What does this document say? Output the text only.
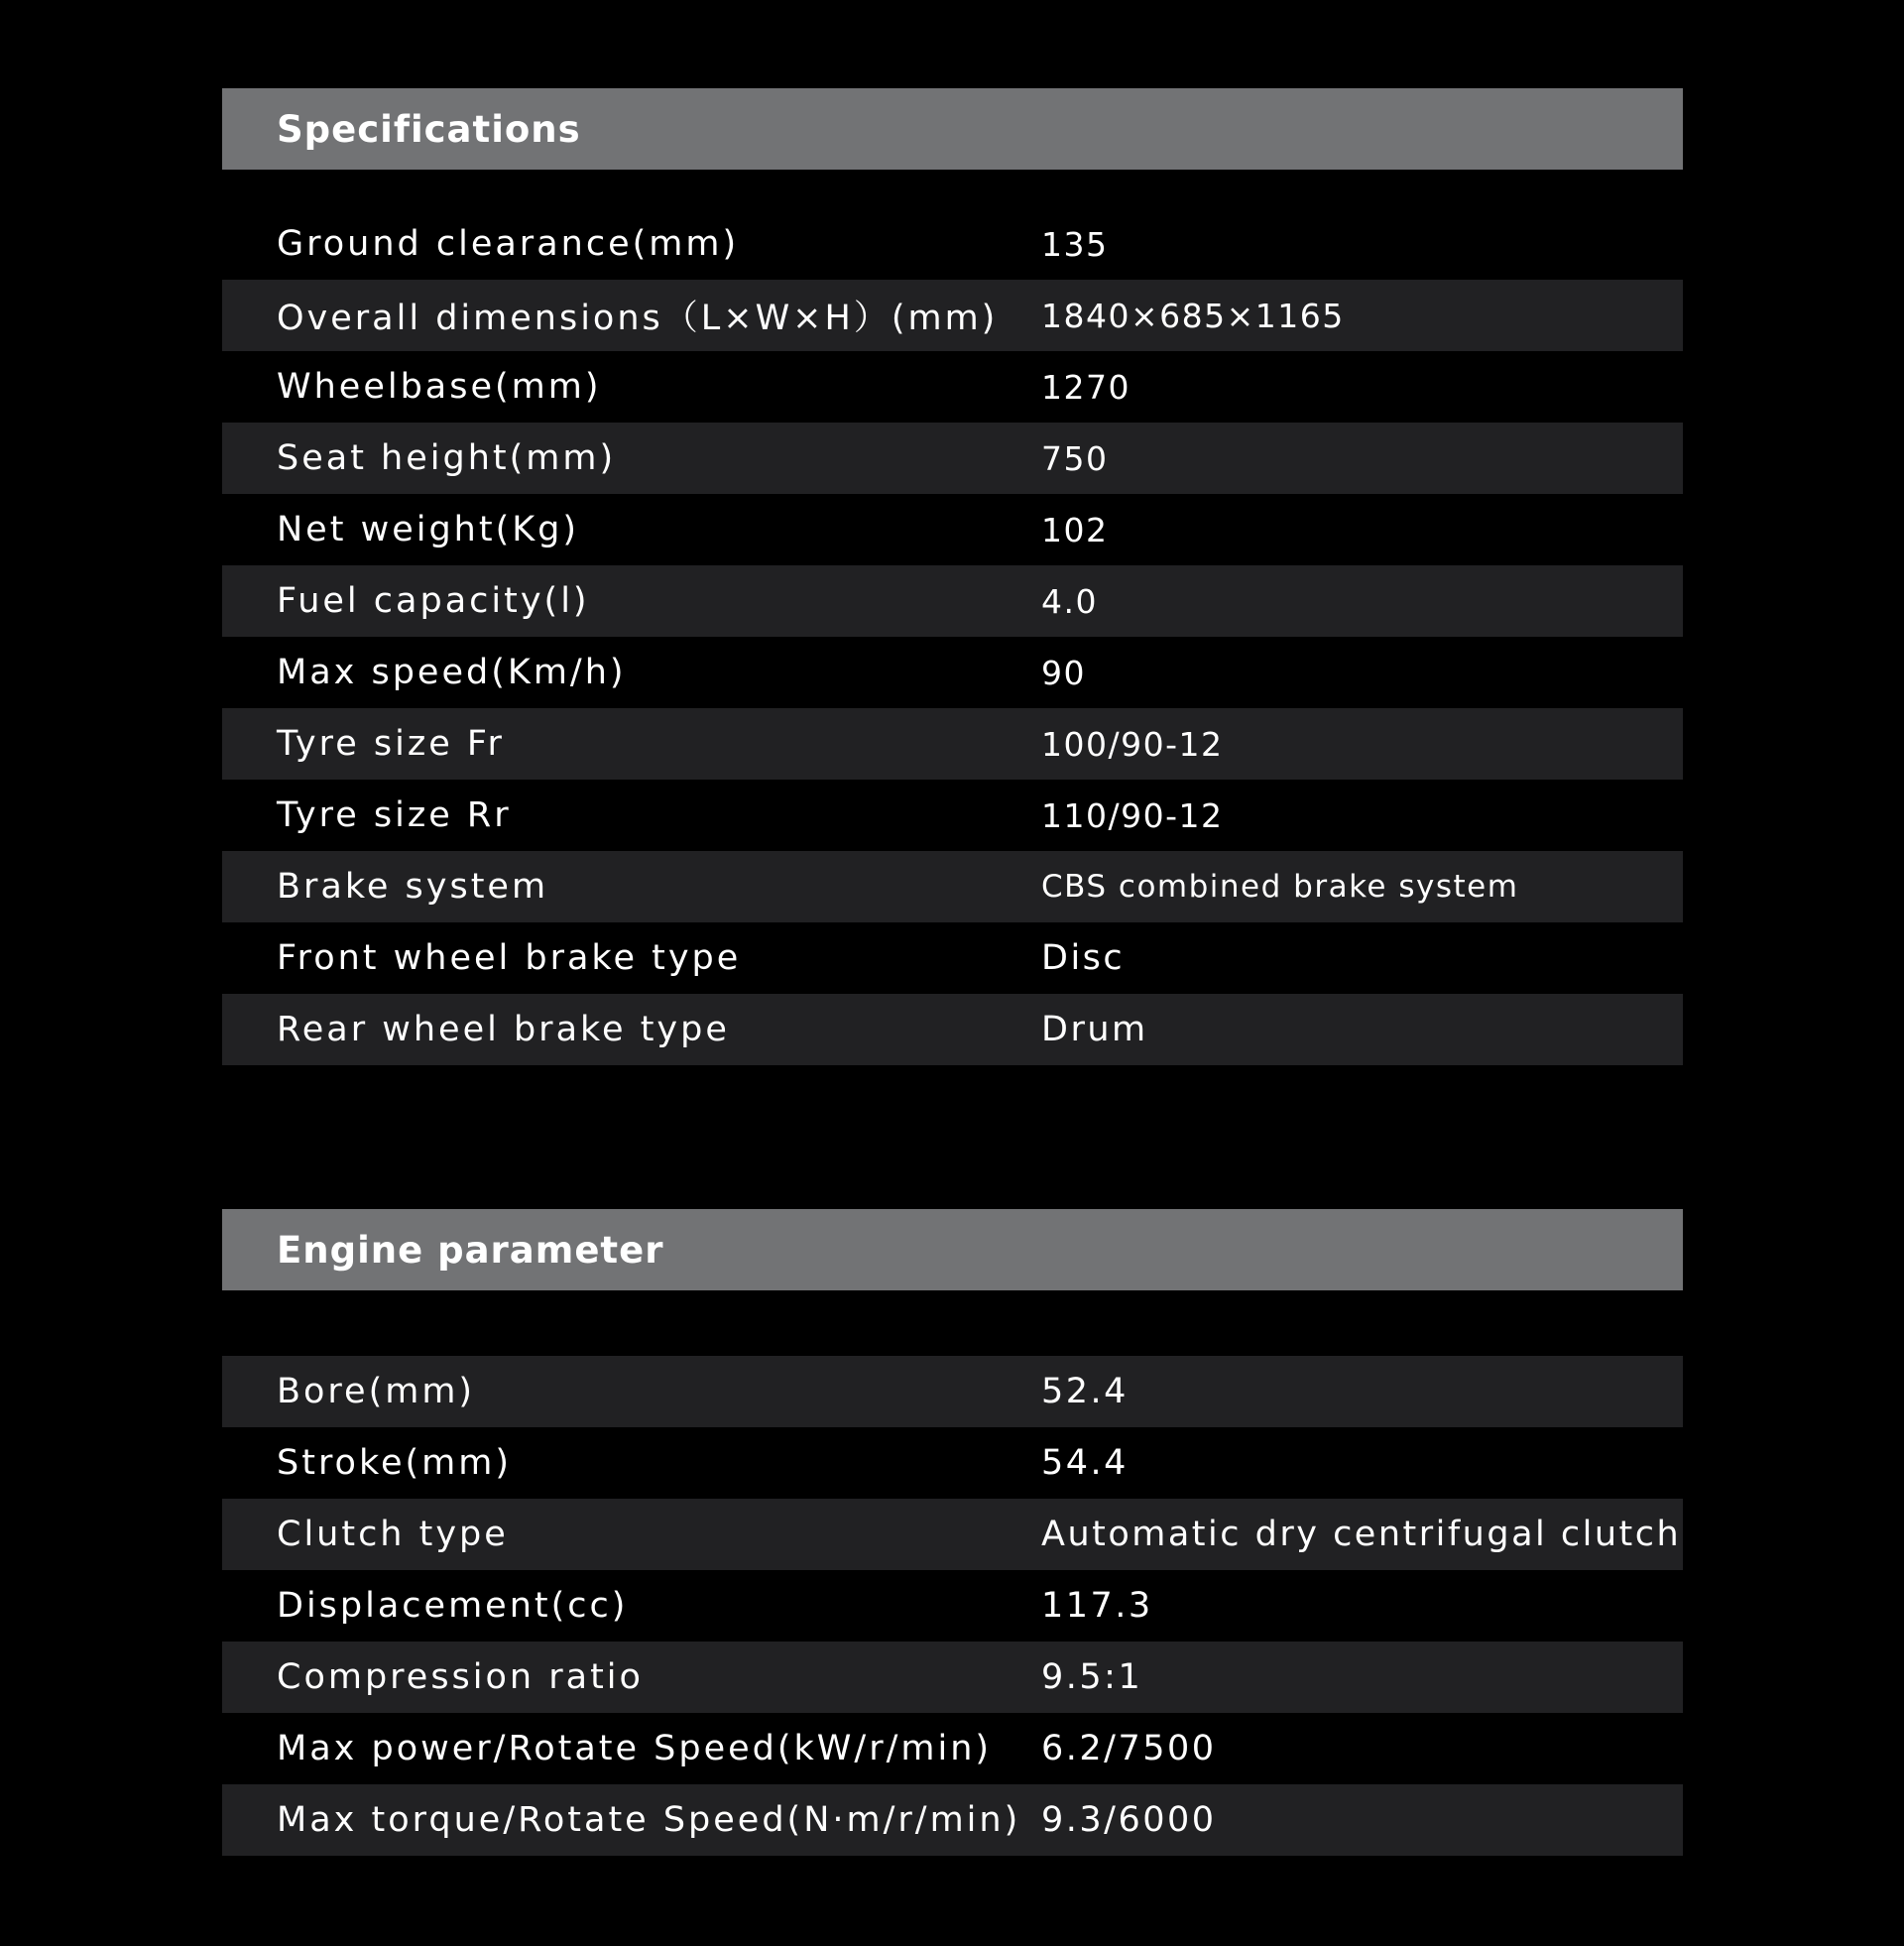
Specifications
Ground clearance(mm)	135
Overall dimensions（L×W×H）(mm) 1840×685×1165
Wheelbase(mm)	1270
Seat height(mm)	750
Net weight(Kg)	102
Fuel capacity(l)	4.0
Max speed(Km/h)	90
Tyre size Fr	100/90-12
Tyre size Rr	110/90-12
Brake system	CBS combined brake system
Front wheel brake type	Disc
Rear wheel brake type	Drum
Engine parameter
Bore(mm)	52.4
Stroke(mm)	54.4
Clutch type	Automatic dry centrifugal clutch
Displacement(cc)	117.3
Compression ratio	9.5:1
Max power/Rotate Speed(kW/r/min) 6.2/7500
Max torque/Rotate Speed(N·m/r/min) 9.3/6000
